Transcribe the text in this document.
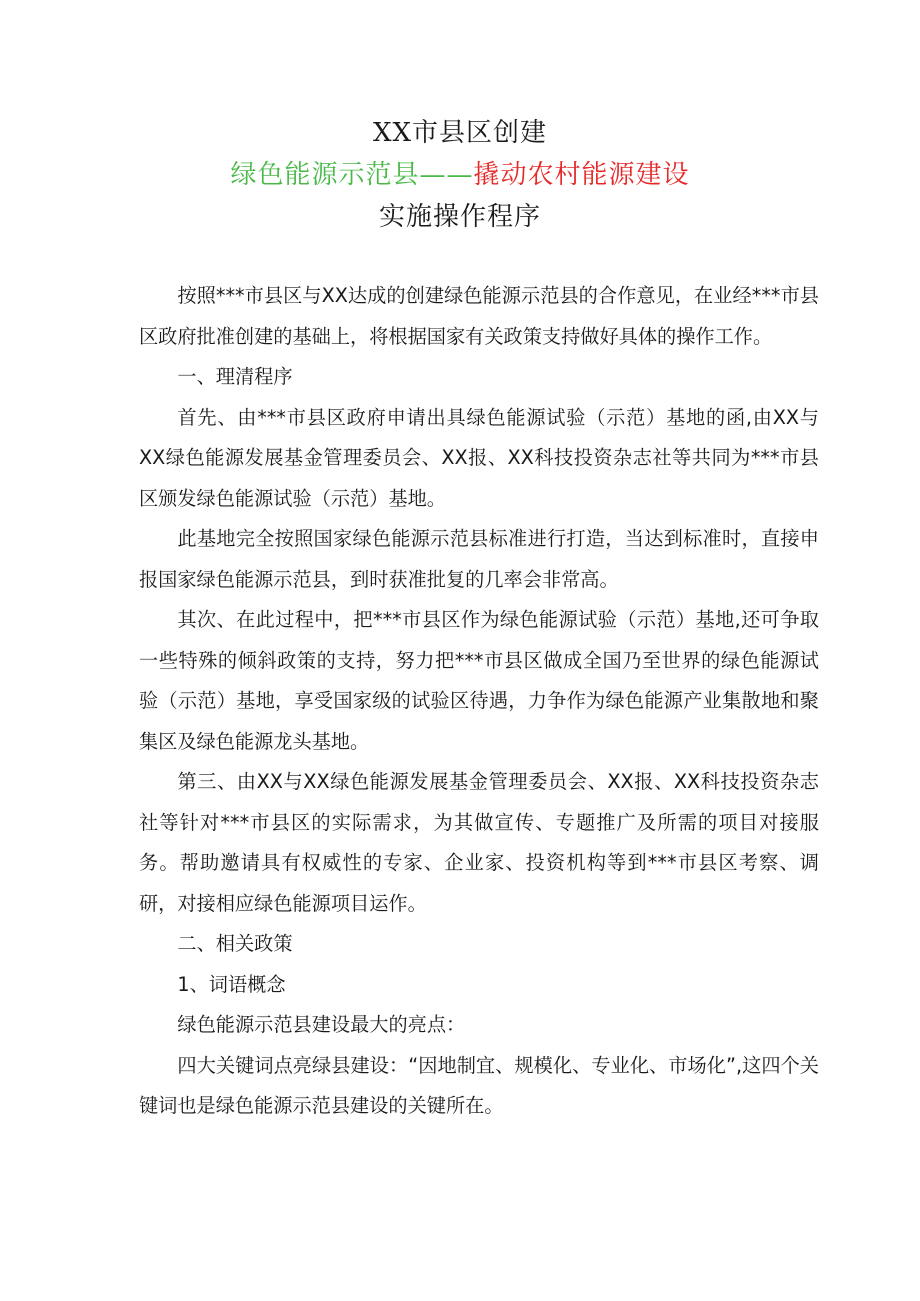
XX市县区创建
绿色能源示范县——撬动农村能源建设
实施操作程序

按照***市县区与XX达成的创建绿色能源示范县的合作意见，在业经***市县区政府批准创建的基础上，将根据国家有关政策支持做好具体的操作工作。

一、理清程序

首先、由***市县区政府申请出具绿色能源试验（示范）基地的函,由XX与XX绿色能源发展基金管理委员会、XX报、XX科技投资杂志社等共同为***市县区颁发绿色能源试验（示范）基地。

此基地完全按照国家绿色能源示范县标准进行打造，当达到标准时，直接申报国家绿色能源示范县，到时获准批复的几率会非常高。

其次、在此过程中，把***市县区作为绿色能源试验（示范）基地,还可争取一些特殊的倾斜政策的支持，努力把***市县区做成全国乃至世界的绿色能源试验（示范）基地，享受国家级的试验区待遇，力争作为绿色能源产业集散地和聚集区及绿色能源龙头基地。

第三、由XX与XX绿色能源发展基金管理委员会、XX报、XX科技投资杂志社等针对***市县区的实际需求，为其做宣传、专题推广及所需的项目对接服务。帮助邀请具有权威性的专家、企业家、投资机构等到***市县区考察、调研，对接相应绿色能源项目运作。

二、相关政策

1、词语概念

绿色能源示范县建设最大的亮点：

四大关键词点亮绿县建设：“因地制宜、规模化、专业化、市场化”,这四个关键词也是绿色能源示范县建设的关键所在。
